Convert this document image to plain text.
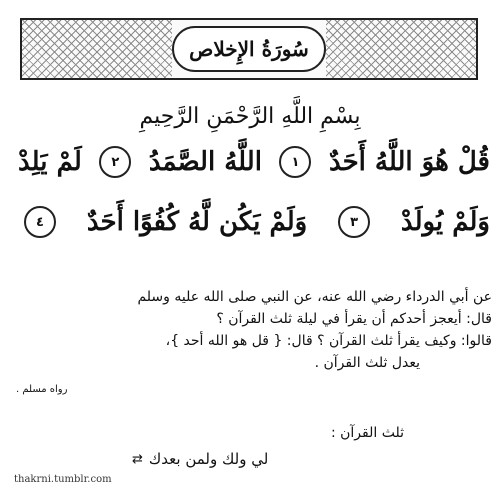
سُورَةُ الإِخلاص
بِسْمِ اللَّهِ الرَّحْمَنِ الرَّحِيمِ
قُلْ هُوَ اللَّهُ أَحَدٌ
١
اللَّهُ الصَّمَدُ
٢
لَمْ يَلِدْ
وَلَمْ يُولَدْ
٣
وَلَمْ يَكُن لَّهُ كُفُوًا أَحَدٌ
٤
عن أبي الدرداء رضي الله عنه، عن النبي صلى الله عليه وسلم
قال: أيعجز أحدكم أن يقرأ في ليلة ثلث القرآن ؟
قالوا: وكيف يقرأ ثلث القرآن ؟ قال: { قل هو الله أحد }،
يعدل ثلث القرآن .
رواه مسلم .
ثلث القرآن :
لي ولك ولمن بعدك
⇄
thakrni.tumblr.com
